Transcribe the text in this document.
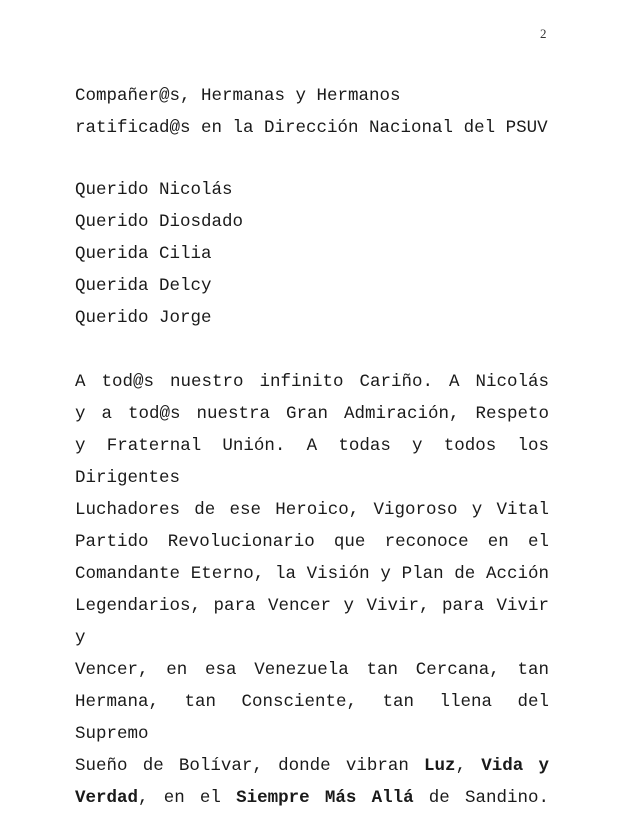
2
Compañer@s, Hermanas y Hermanos
ratificad@s en la Dirección Nacional del PSUV
Querido Nicolás
Querido Diosdado
Querida Cilia
Querida Delcy
Querido Jorge
A tod@s nuestro infinito Cariño. A Nicolás
y a tod@s nuestra Gran Admiración, Respeto
y Fraternal Unión. A todas y todos los Dirigentes
Luchadores de ese Heroico, Vigoroso y Vital
Partido Revolucionario que reconoce en el
Comandante Eterno, la Visión y Plan de Acción
Legendarios, para Vencer y Vivir, para Vivir y
Vencer, en esa Venezuela tan Cercana, tan
Hermana, tan Consciente, tan llena del Supremo
Sueño de Bolívar, donde vibran Luz, Vida y
Verdad, en el Siempre Más Allá de Sandino.
